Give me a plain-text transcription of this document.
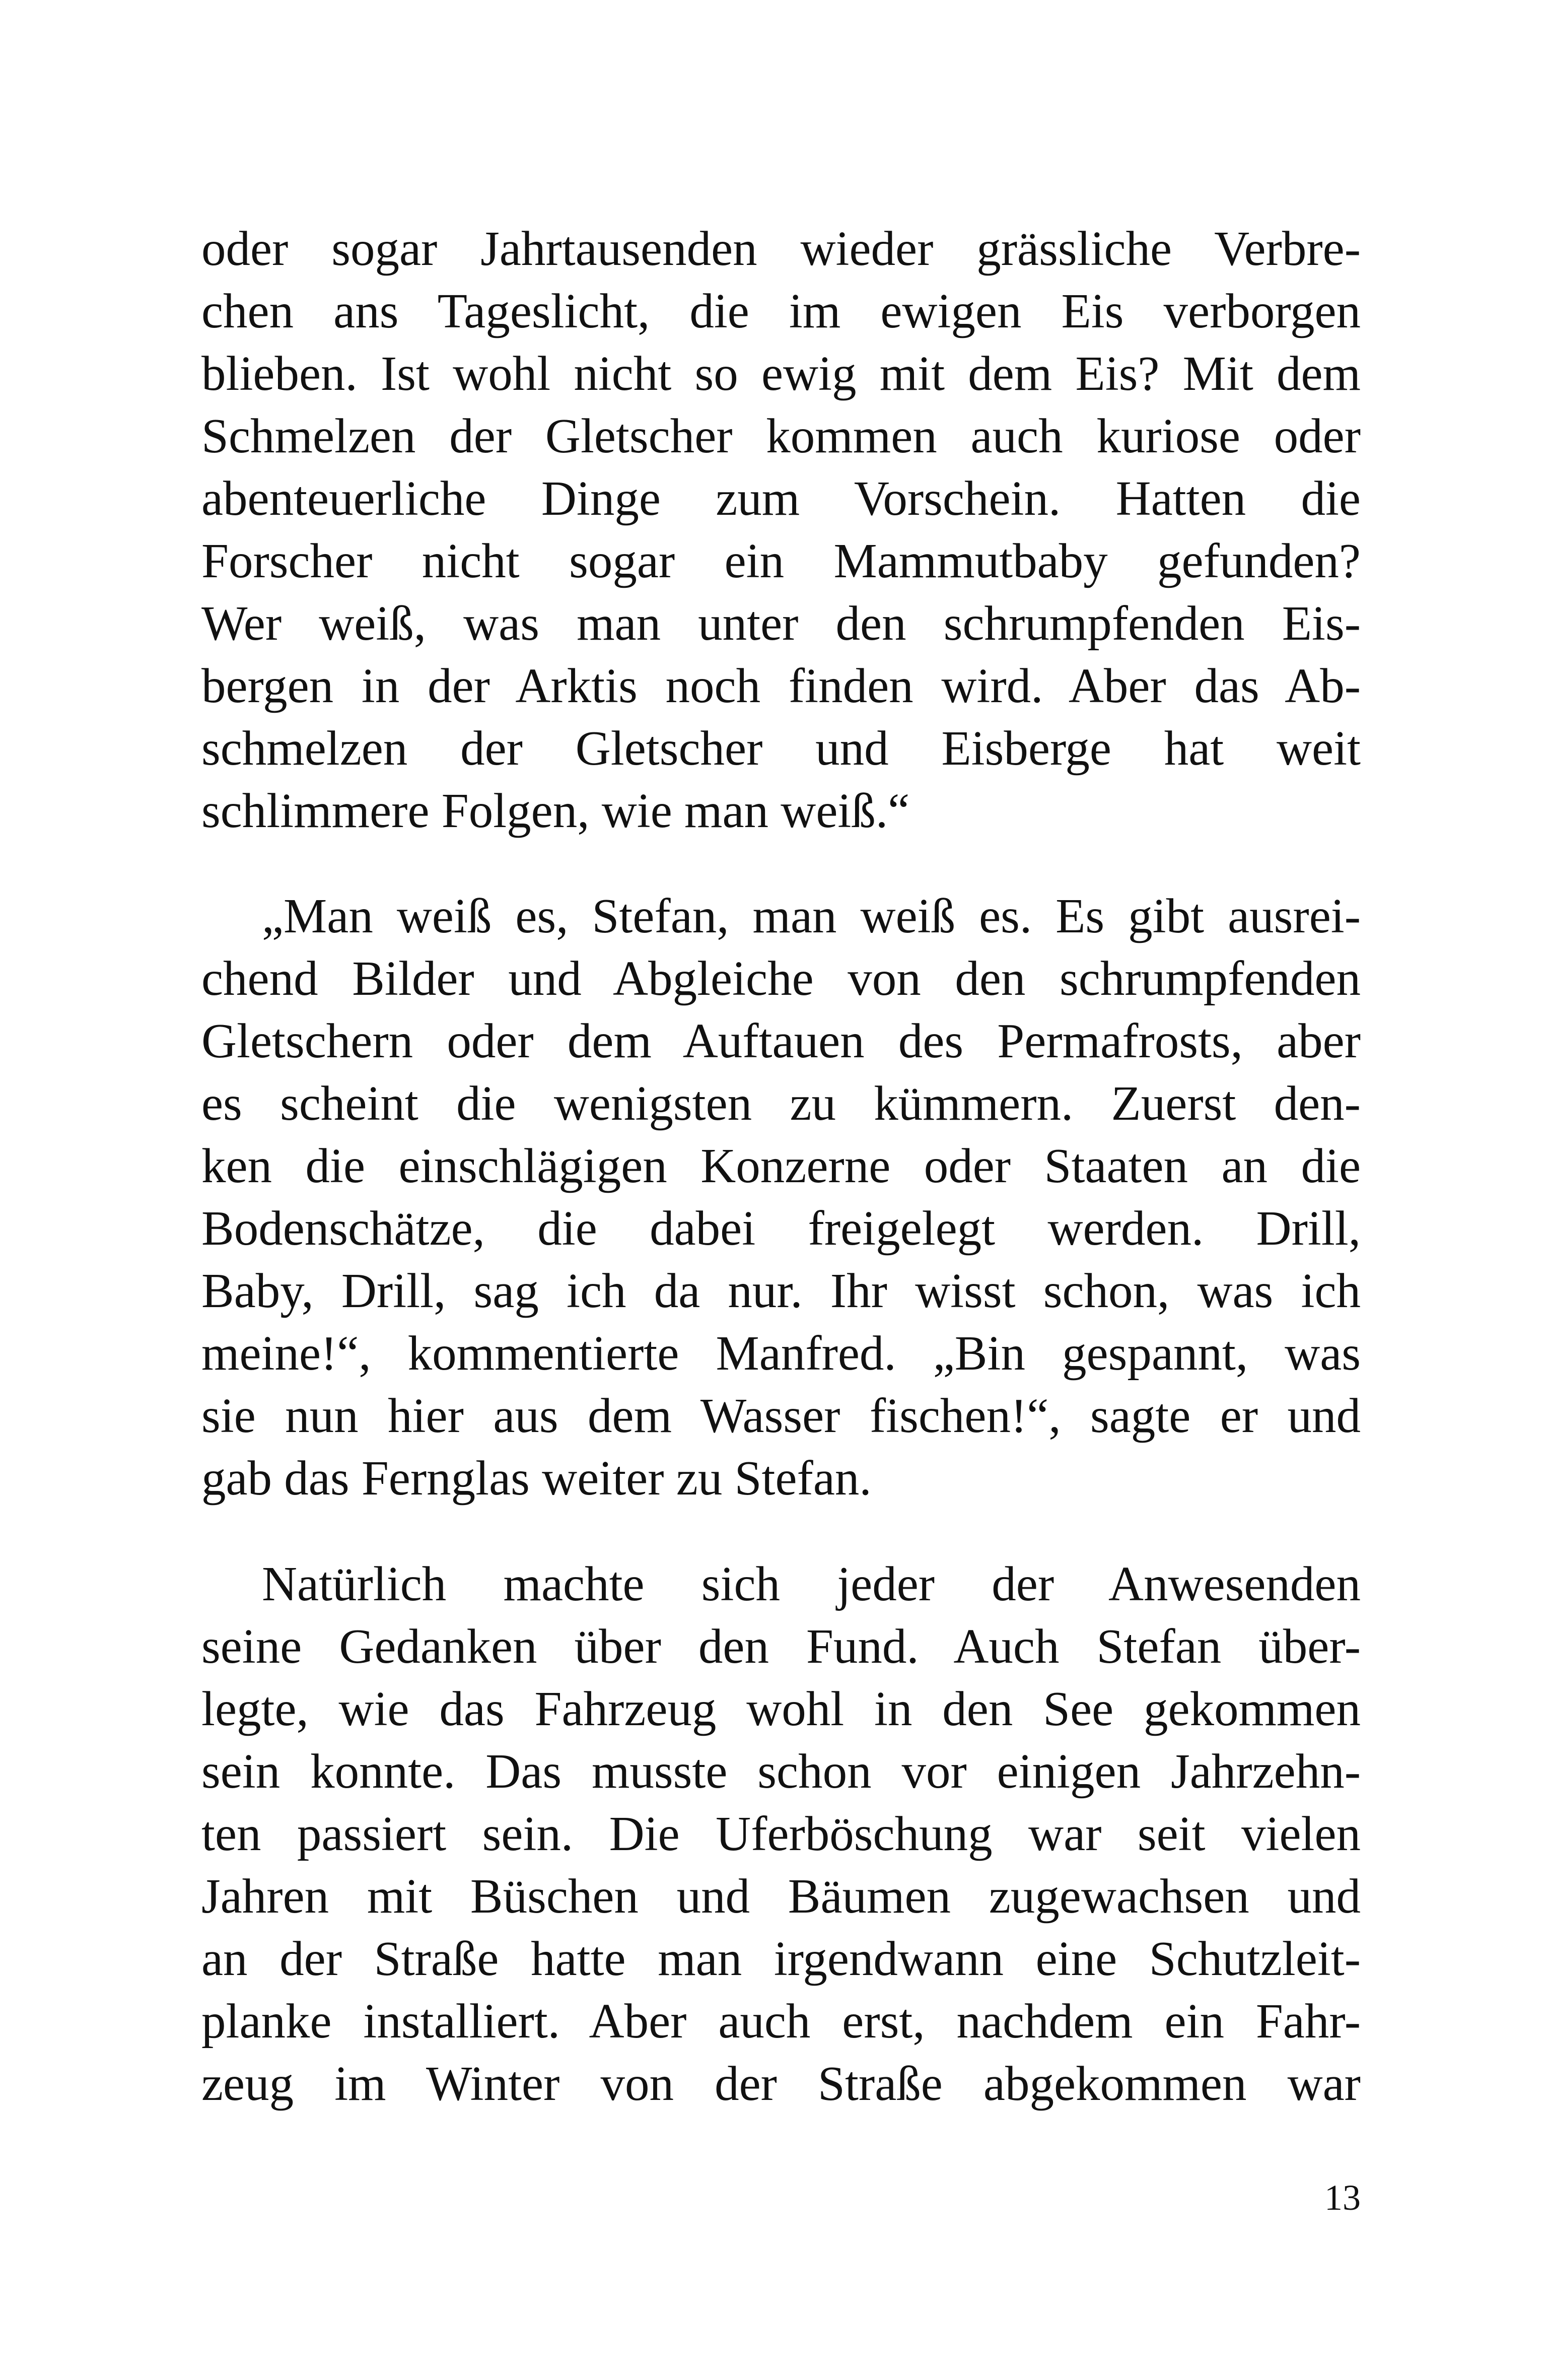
oder sogar Jahrtausenden wieder grässliche Verbre-
chen ans Tageslicht, die im ewigen Eis verborgen
blieben. Ist wohl nicht so ewig mit dem Eis? Mit dem
Schmelzen der Gletscher kommen auch kuriose oder
abenteuerliche Dinge zum Vorschein. Hatten die
Forscher nicht sogar ein Mammutbaby gefunden?
Wer weiß, was man unter den schrumpfenden Eis-
bergen in der Arktis noch finden wird. Aber das Ab-
schmelzen der Gletscher und Eisberge hat weit
schlimmere Folgen, wie man weiß.“

„Man weiß es, Stefan, man weiß es. Es gibt ausrei-
chend Bilder und Abgleiche von den schrumpfenden
Gletschern oder dem Auftauen des Permafrosts, aber
es scheint die wenigsten zu kümmern. Zuerst den-
ken die einschlägigen Konzerne oder Staaten an die
Bodenschätze, die dabei freigelegt werden. Drill,
Baby, Drill, sag ich da nur. Ihr wisst schon, was ich
meine!“, kommentierte Manfred. „Bin gespannt, was
sie nun hier aus dem Wasser fischen!“, sagte er und
gab das Fernglas weiter zu Stefan.

Natürlich machte sich jeder der Anwesenden
seine Gedanken über den Fund. Auch Stefan über-
legte, wie das Fahrzeug wohl in den See gekommen
sein konnte. Das musste schon vor einigen Jahrzehn-
ten passiert sein. Die Uferböschung war seit vielen
Jahren mit Büschen und Bäumen zugewachsen und
an der Straße hatte man irgendwann eine Schutzleit-
planke installiert. Aber auch erst, nachdem ein Fahr-
zeug im Winter von der Straße abgekommen war

13
